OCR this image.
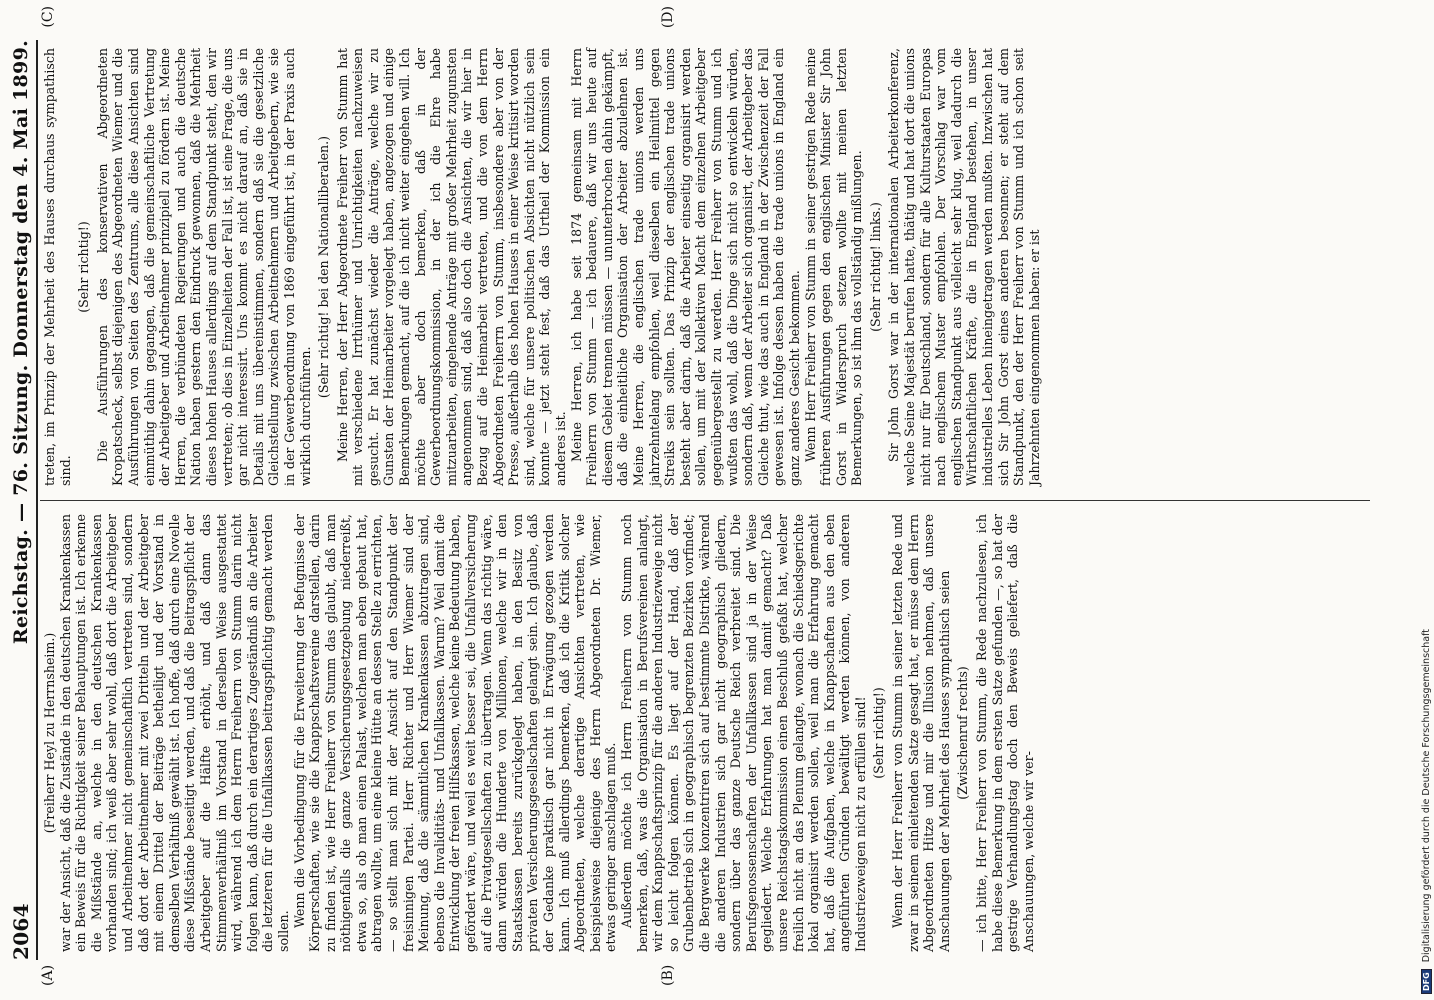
2064
Reichstag. — 76. Sitzung. Donnerstag den 4. Mai 1899.
(A)	(B)
(C)	(D)

(Freiherr Heyl zu Herrnsheim.) war der Ansicht, daß die Zustände in den deutschen Krankenkassen ein Beweis für die Richtigkeit seiner Behauptungen ist. Ich erkenne die Mißstände an, welche in den deutschen Krankenkassen vorhanden sind; ich weiß aber sehr wohl, daß dort die Arbeitgeber und Arbeitnehmer nicht gemeinschaftlich vertreten sind, sondern daß dort der Arbeitnehmer mit zwei Dritteln und der Arbeitgeber mit einem Drittel der Beiträge betheiligt und der Vorstand in demselben Verhältniß gewählt ist. Ich hoffe, daß durch eine Novelle diese Mißstände beseitigt werden, und daß die Beitragspflicht der Arbeitgeber auf die Hälfte erhöht, und daß dann das Stimmenverhältniß im Vorstand in derselben Weise ausgestattet wird, während ich dem Herrn Freiherrn von Stumm darin nicht folgen kann, daß durch ein derartiges Zugeständniß an die Arbeiter die letzteren für die Unfallkassen beitragspflichtig gemacht werden sollen.

Wenn die Vorbedingung für die Erweiterung der Befugnisse der Körperschaften, wie sie die Knappschaftsvereine darstellen, darin zu finden ist, wie Herr Freiherr von Stumm das glaubt, daß man nöthigenfalls die ganze Versicherungsgesetzgebung niederreißt, etwa so, als ob man einen Palast, welchen man eben gebaut hat, abtragen wollte, um eine kleine Hütte an dessen Stelle zu errichten, — so stellt man sich mit der Ansicht auf den Standpunkt der freisinnigen Partei. Herr Richter und Herr Wiemer sind der Meinung, daß die sämmtlichen Krankenkassen abzutragen sind, ebenso die Invaliditäts- und Unfallkassen. Warum? Weil damit die Entwicklung der freien Hilfskassen, welche keine Bedeutung haben, gefördert wäre, und weil es weit besser sei, die Unfallversicherung auf die Privatgesellschaften zu übertragen. Wenn das richtig wäre, dann würden die Hunderte von Millionen, welche wir in den Staatskassen bereits zurückgelegt haben, in den Besitz von privaten Versicherungsgesellschaften gelangt sein. Ich glaube, daß der Gedanke praktisch gar nicht in Erwägung gezogen werden kann. Ich muß allerdings bemerken, daß ich die Kritik solcher Abgeordneten, welche derartige Ansichten vertreten, wie beispielsweise diejenige des Herrn Abgeordneten Dr. Wiemer, etwas geringer anschlagen muß. Außerdem möchte ich Herrn Freiherrn von Stumm noch bemerken, daß, was die Organisation in Berufsvereinen anlangt, wir dem Knappschaftsprinzip für die anderen Industriezweige nicht so leicht folgen können. Es liegt auf der Hand, daß der Grubenbetrieb sich in geographisch begrenzten Bezirken vorfindet; die Bergwerke konzentriren sich auf bestimmte Distrikte, während die anderen Industrien sich gar nicht geographisch gliedern, sondern über das ganze Deutsche Reich verbreitet sind. Die Berufsgenossenschaften der Unfallkassen sind ja in der Weise gegliedert. Welche Erfahrungen hat man damit gemacht? Daß unsere Reichstagskommission einen Beschluß gefaßt hat, welcher freilich nicht an das Plenum gelangte, wonach die Schiedsgerichte lokal organisirt werden sollen, weil man die Erfahrung gemacht hat, daß die Aufgaben, welche in Knappschaften aus den eben angeführten Gründen bewältigt werden können, von anderen Industriezweigen nicht zu erfüllen sind! (Sehr richtig!) Wenn der Herr Freiherr von Stumm in seiner letzten Rede und zwar in seinem einleitenden Satze gesagt hat, er müsse dem Herrn Abgeordneten Hitze und mir die Illusion nehmen, daß unsere Anschauungen der Mehrheit des Hauses sympathisch seien (Zwischenruf rechts) — ich bitte, Herr Freiherr von Stumm, die Rede nachzulesen, ich habe diese Bemerkung in dem ersten Satze gefunden —, so hat der gestrige Verhandlungstag doch den Beweis geliefert, daß die Anschauungen, welche wir ver-

treten, im Prinzip der Mehrheit des Hauses durchaus sympathisch sind.

(Sehr richtig!) Die Ausführungen des konservativen Abgeordneten Kropatscheck, selbst diejenigen des Abgeordneten Wiemer und die Ausführungen von Seiten des Zentrums, alle diese Ansichten sind einmüthig dahin gegangen, daß die gemeinschaftliche Vertretung der Arbeitgeber und Arbeitnehmer prinzipiell zu fördern ist. Meine Herren, die verbündeten Regierungen und auch die deutsche Nation haben gestern den Eindruck gewonnen, daß die Mehrheit dieses hohen Hauses allerdings auf dem Standpunkt steht, den wir vertreten; ob dies in Einzelheiten der Fall ist, ist eine Frage, die uns gar nicht interessirt. Uns kommt es nicht darauf an, daß sie in Details mit uns übereinstimmen, sondern daß sie die gesetzliche Gleichstellung zwischen Arbeitnehmern und Arbeitgebern, wie sie in der Gewerbeordnung von 1869 eingeführt ist, in der Praxis auch wirklich durchführen.

(Sehr richtig! bei den Nationalliberalen.) Meine Herren, der Herr Abgeordnete Freiherr von Stumm hat mit verschiedene Irrthümer und Unrichtigkeiten nachzuweisen gesucht. Er hat zunächst wieder die Anträge, welche wir zu Gunsten der Heimarbeiter vorgelegt haben, angezogen und einige Bemerkungen gemacht, auf die ich nicht weiter eingehen will. Ich möchte aber doch bemerken, daß in der Gewerbeordnungskommission, in der ich die Ehre habe mitzuarbeiten, eingehende Anträge mit großer Mehrheit zugunsten angenommen sind, daß also doch die Ansichten, die wir hier in Bezug auf die Heimarbeit vertreten, und die von dem Herrn Abgeordneten Freiherrn von Stumm, insbesondere aber von der Presse, außerhalb des hohen Hauses in einer Weise kritisirt worden sind, welche für unsere politischen Absichten nicht nützlich sein konnte — jetzt steht fest, daß das Urtheil der Kommission ein anderes ist. Meine Herren, ich habe seit 1874 gemeinsam mit Herrn Freiherrn von Stumm — ich bedauere, daß wir uns heute auf diesem Gebiet trennen müssen — ununterbrochen dahin gekämpft, daß die einheitliche Organisation der Arbeiter abzulehnen ist. Meine Herren, die englischen trade unions werden uns jahrzehntelang empfohlen, weil dieselben ein Heilmittel gegen Streiks sein sollten. Das Prinzip der englischen trade unions besteht aber darin, daß die Arbeiter einseitig organisirt werden sollen, um mit der kollektiven Macht dem einzelnen Arbeitgeber gegenübergestellt zu werden. Herr Freiherr von Stumm und ich wußten das wohl, daß die Dinge sich nicht so entwickeln würden, sondern daß, wenn der Arbeiter sich organisirt, der Arbeitgeber das Gleiche thut, wie das auch in England in der Zwischenzeit der Fall gewesen ist. Infolge dessen haben die trade unions in England ein ganz anderes Gesicht bekommen. Wenn Herr Freiherr von Stumm in seiner gestrigen Rede meine früheren Ausführungen gegen den englischen Minister Sir John Gorst in Widerspruch setzen wollte mit meinen letzten Bemerkungen, so ist ihm das vollständig mißlungen. (Sehr richtig! links.) Sir John Gorst war in der internationalen Arbeiterkonferenz, welche Seine Majestät berufen hatte, thätig und hat dort die unions nicht nur für Deutschland, sondern für alle Kulturstaaten Europas nach englischem Muster empfohlen. Der Vorschlag war vom englischen Standpunkt aus vielleicht sehr klug, weil dadurch die Wirthschaftlichen Kräfte, die in England bestehen, in unser industrielles Leben hineingetragen werden mußten. Inzwischen hat sich Sir John Gorst eines anderen besonnen; er steht auf dem Standpunkt, den der Herr Freiherr von Stumm und ich schon seit Jahrzehnten eingenommen haben: er ist

DFG Digitalisierung gefördert durch die Deutsche Forschungsgemeinschaft
